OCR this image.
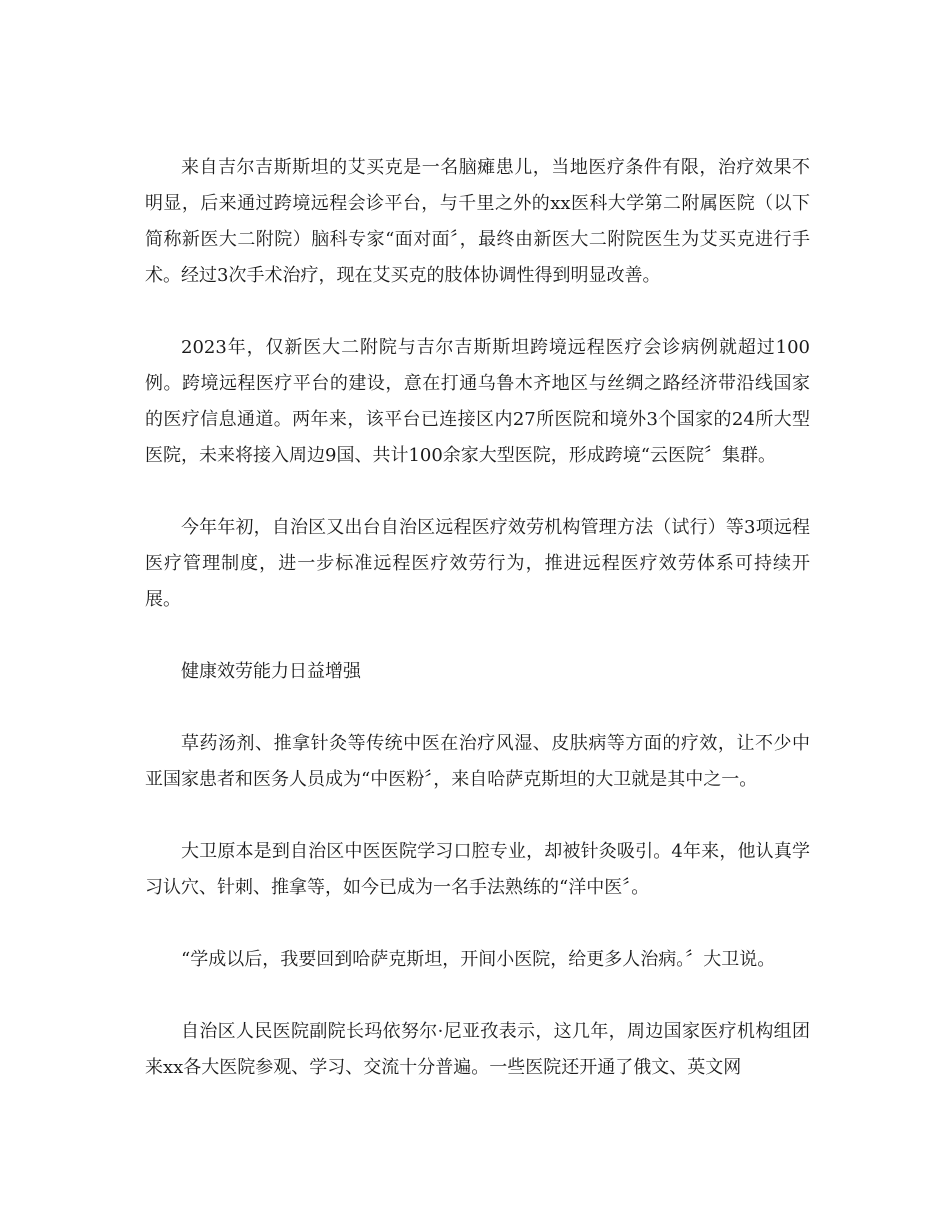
来自吉尔吉斯斯坦的艾买克是一名脑瘫患儿，当地医疗条件有限，治疗效果不明显，后来通过跨境远程会诊平台，与千里之外的xx医科大学第二附属医院（以下简称新医大二附院）脑科专家“面对面〞，最终由新医大二附院医生为艾买克进行手术。经过3次手术治疗，现在艾买克的肢体协调性得到明显改善。

2023年，仅新医大二附院与吉尔吉斯斯坦跨境远程医疗会诊病例就超过100例。跨境远程医疗平台的建设，意在打通乌鲁木齐地区与丝绸之路经济带沿线国家的医疗信息通道。两年来，该平台已连接区内27所医院和境外3个国家的24所大型医院，未来将接入周边9国、共计100余家大型医院，形成跨境“云医院〞集群。

今年年初，自治区又出台自治区远程医疗效劳机构管理方法（试行）等3项远程医疗管理制度，进一步标准远程医疗效劳行为，推进远程医疗效劳体系可持续开展。

健康效劳能力日益增强

草药汤剂、推拿针灸等传统中医在治疗风湿、皮肤病等方面的疗效，让不少中亚国家患者和医务人员成为“中医粉〞，来自哈萨克斯坦的大卫就是其中之一。

大卫原本是到自治区中医医院学习口腔专业，却被针灸吸引。4年来，他认真学习认穴、针刺、推拿等，如今已成为一名手法熟练的“洋中医〞。

“学成以后，我要回到哈萨克斯坦，开间小医院，给更多人治病。〞大卫说。

自治区人民医院副院长玛依努尔·尼亚孜表示，这几年，周边国家医疗机构组团来xx各大医院参观、学习、交流十分普遍。一些医院还开通了俄文、英文网
